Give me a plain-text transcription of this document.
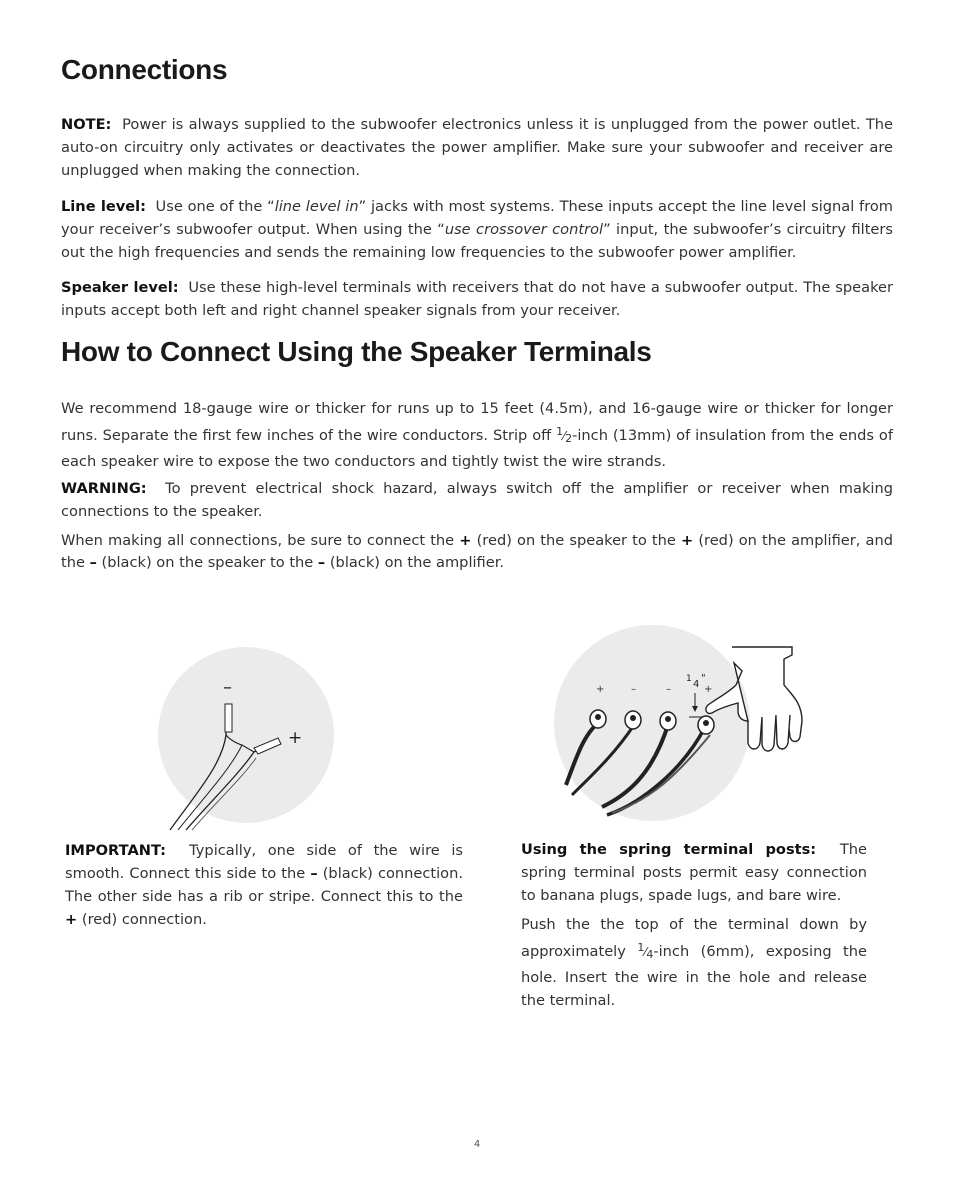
Connections

NOTE: Power is always supplied to the subwoofer electronics unless it is unplugged from the power outlet. The auto-on circuitry only activates or deactivates the power amplifier. Make sure your subwoofer and receiver are unplugged when making the connection.

Line level: Use one of the “line level in” jacks with most systems. These inputs accept the line level signal from your receiver’s subwoofer output. When using the “use crossover control” input, the subwoofer’s circuitry filters out the high frequencies and sends the remaining low frequencies to the subwoofer power amplifier.

Speaker level: Use these high-level terminals with receivers that do not have a subwoofer output. The speaker inputs accept both left and right channel speaker signals from your receiver.

How to Connect Using the Speaker Terminals

We recommend 18-gauge wire or thicker for runs up to 15 feet (4.5m), and 16-gauge wire or thicker for longer runs. Separate the first few inches of the wire conductors. Strip off $^1⁄_2$-inch (13mm) of insulation from the ends of each speaker wire to expose the two conductors and tightly twist the wire strands.

WARNING: To prevent electrical shock hazard, always switch off the amplifier or receiver when making connections to the speaker.

When making all connections, be sure to connect the + (red) on the speaker to the + (red) on the amplifier, and the – (black) on the speaker to the – (black) on the amplifier.

–
+
+	–	–	+
1 4
"

IMPORTANT: Typically, one side of the wire is smooth. Connect this side to the – (black) connection. The other side has a rib or stripe. Connect this to the + (red) connection.

Using the spring terminal posts: The spring terminal posts permit easy connection to banana plugs, spade lugs, and bare wire.

Push the the top of the terminal down by approximately $^1⁄_4$-inch (6mm), exposing the hole. Insert the wire in the hole and release the terminal.

4
